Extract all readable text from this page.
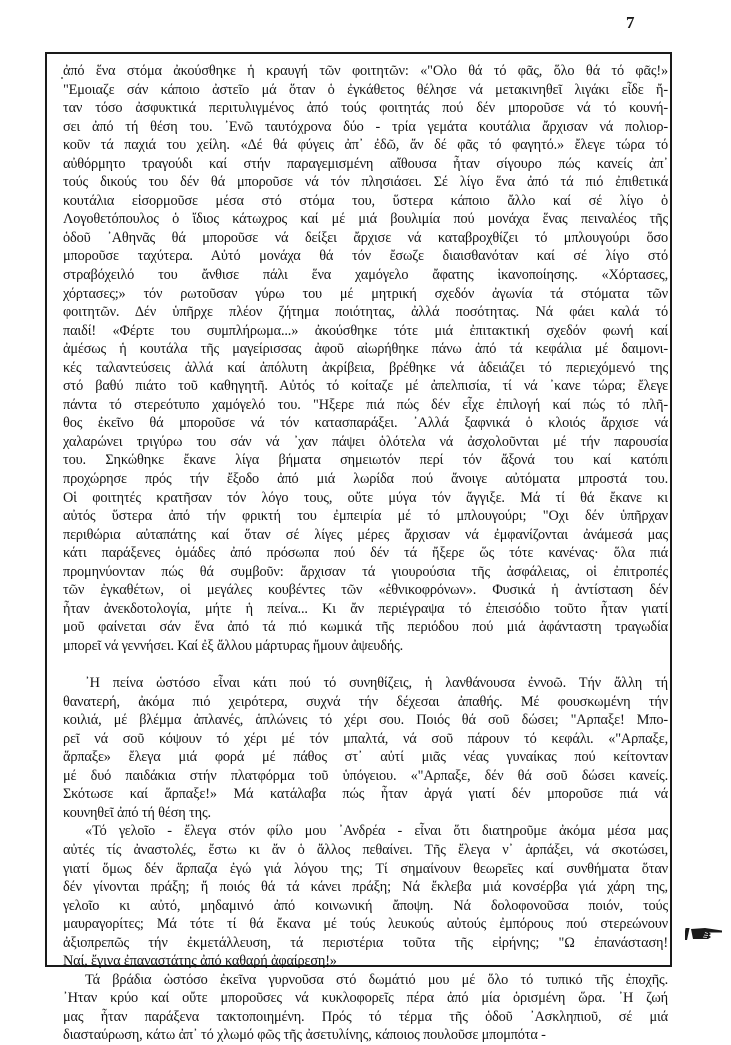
7
ἀπό ἕνα στόμα ἀκούσθηκε ἡ κραυγή τῶν φοιτητῶν: «"Ολο θά τό φᾶς, ὅλο θά τό φᾶς!»
"Εμοιαζε σάν κάποιο ἀστεῖο μά ὅταν ὁ ἐγκάθετος θέλησε νά μετακινηθεῖ λιγάκι εἶδε ἤ-
ταν τόσο ἀσφυκτικά περιτυλιγμένος ἀπό τούς φοιτητάς πού δέν μποροῦσε νά τό κουνή-
σει ἀπό τή θέση του. ᾿Ενῶ ταυτόχρονα δύο - τρία γεμάτα κουτάλια ἄρχισαν νά πολιορ-
κοῦν τά παχιά του χείλη. «Δέ θά φύγεις ἀπ᾿ ἐδῶ, ἄν δέ φᾶς τό φαγητό.» ἔλεγε τώρα τό
αὐθόρμητο τραγούδι καί στήν παραγεμισμένη αἴθουσα ἦταν σίγουρο πώς κανείς ἀπ᾿
τούς δικούς του δέν θά μποροῦσε νά τόν πλησιάσει. Σέ λίγο ἕνα ἀπό τά πιό ἐπιθετικά
κουτάλια εἰσορμοῦσε μέσα στό στόμα του, ὕστερα κάποιο ἄλλο καί σέ λίγο ὁ
Λογοθετόπουλος ὁ ἴδιος κάτωχρος καί μέ μιά βουλιμία πού μονάχα ἕνας πειναλέος τῆς
ὁδοῦ ᾿Αθηνᾶς θά μποροῦσε νά δείξει ἄρχισε νά καταβροχθίζει τό μπλουγούρι ὅσο
μποροῦσε ταχύτερα. Αὐτό μονάχα θά τόν ἔσωζε διαισθανόταν καί σέ λίγο στό
στραβόχειλό του ἄνθισε πάλι ἕνα χαμόγελο ἄφατης ἱκανοποίησης. «Χόρτασες,
χόρτασες;» τόν ρωτοῦσαν γύρω του μέ μητρική σχεδόν ἀγωνία τά στόματα τῶν
φοιτητῶν. Δέν ὑπῆρχε πλέον ζήτημα ποιότητας, ἀλλά ποσότητας. Νά φάει καλά τό
παιδί! «Φέρτε του συμπλήρωμα...» ἀκούσθηκε τότε μιά ἐπιτακτική σχεδόν φωνή καί
ἀμέσως ἡ κουτάλα τῆς μαγείρισσας ἀφοῦ αἰωρήθηκε πάνω ἀπό τά κεφάλια μέ δαιμονι-
κές ταλαντεύσεις ἀλλά καί ἀπόλυτη ἀκρίβεια, βρέθηκε νά ἀδειάζει τό περιεχόμενό της
στό βαθύ πιάτο τοῦ καθηγητῆ. Αὐτός τό κοίταζε μέ ἀπελπισία, τί νά ᾿κανε τώρα; ἔλεγε
πάντα τό στερεότυπο χαμόγελό του. "Ηξερε πιά πώς δέν εἶχε ἐπιλογή καί πώς τό πλῆ-
θος ἐκεῖνο θά μποροῦσε νά τόν κατασπαράξει. ᾿Αλλά ξαφνικά ὁ κλοιός ἄρχισε νά
χαλαρώνει τριγύρω του σάν νά ᾿χαν πάψει ὁλότελα νά ἀσχολοῦνται μέ τήν παρουσία
του. Σηκώθηκε ἔκανε λίγα βήματα σημειωτόν περί τόν ἄξονά του καί κατόπι
προχώρησε πρός τήν ἔξοδο ἀπό μιά λωρίδα πού ἄνοιγε αὐτόματα μπροστά του.
Οἱ φοιτητές κρατῆσαν τόν λόγο τους, οὔτε μύγα τόν ἄγγιξε. Μά τί θά ἔκανε κι
αὐτός ὕστερα ἀπό τήν φρικτή του ἐμπειρία μέ τό μπλουγούρι; "Οχι δέν ὑπῆρχαν
περιθώρια αὐταπάτης καί ὅταν σέ λίγες μέρες ἄρχισαν νά ἐμφανίζονται ἀνάμεσά μας
κάτι παράξενες ὁμάδες ἀπό πρόσωπα πού δέν τά ἤξερε ὥς τότε κανένας· ὅλα πιά
προμηνύονταν πώς θά συμβοῦν: ἄρχισαν τά γιουρούσια τῆς ἀσφάλειας, οἱ ἐπιτροπές
τῶν ἐγκαθέτων, οἱ μεγάλες κουβέντες τῶν «ἐθνικοφρόνων». Φυσικά ἡ ἀντίσταση δέν
ἦταν ἀνεκδοτολογία, μήτε ἡ πείνα... Κι ἄν περιέγραψα τό ἐπεισόδιο τοῦτο ἦταν γιατί
μοῦ φαίνεται σάν ἕνα ἀπό τά πιό κωμικά τῆς περιόδου πού μιά ἀφάνταστη τραγωδία
μπορεῖ νά γεννήσει. Καί ἐξ ἄλλου μάρτυρας ἤμουν ἀψευδής.
᾿Η πείνα ὡστόσο εἶναι κάτι πού τό συνηθίζεις, ἡ λανθάνουσα ἐννοῶ. Τήν ἄλλη τή
θανατερή, ἀκόμα πιό χειρότερα, συχνά τήν δέχεσαι ἀπαθής. Μέ φουσκωμένη τήν
κοιλιά, μέ βλέμμα ἀπλανές, ἁπλώνεις τό χέρι σου. Ποιός θά σοῦ δώσει; "Αρπαξε! Μπο-
ρεῖ νά σοῦ κόψουν τό χέρι μέ τόν μπαλτά, νά σοῦ πάρουν τό κεφάλι. «"Αρπαξε,
ἅρπαξε» ἔλεγα μιά φορά μέ πάθος στ᾿ αὐτί μιᾶς νέας γυναίκας πού κείτονταν
μέ δυό παιδάκια στήν πλατφόρμα τοῦ ὑπόγειου. «"Αρπαξε, δέν θά σοῦ δώσει κανείς.
Σκότωσε καί ἅρπαξε!» Μά κατάλαβα πώς ἦταν ἀργά γιατί δέν μποροῦσε πιά νά
κουνηθεῖ ἀπό τή θέση της.
«Τό γελοῖο - ἔλεγα στόν φίλο μου ᾿Ανδρέα - εἶναι ὅτι διατηροῦμε ἀκόμα μέσα μας
αὐτές τίς ἀναστολές, ἔστω κι ἄν ὁ ἄλλος πεθαίνει. Τῆς ἔλεγα ν᾿ ἁρπάξει, νά σκοτώσει,
γιατί ὅμως δέν ἅρπαζα ἐγώ γιά λόγου της; Τί σημαίνουν θεωρεῖες καί συνθήματα ὅταν
δέν γίνονται πράξη; ἤ ποιός θά τά κάνει πράξη; Νά ἔκλεβα μιά κονσέρβα γιά χάρη της,
γελοῖο κι αὐτό, μηδαμινό ἀπό κοινωνική ἄποψη. Νά δολοφονοῦσα ποιόν, τούς
μαυραγορίτες; Μά τότε τί θά ἔκανα μέ τούς λευκούς αὐτούς ἐμπόρους πού στερεώνουν
ἀξιοπρεπῶς τήν ἐκμετάλλευση, τά περιστέρια τοῦτα τῆς εἰρήνης; "Ω ἐπανάσταση!
Ναί, ἔγινα ἐπαναστάτης ἀπό καθαρή ἀφαίρεση!»
Τά βράδια ὡστόσο ἐκεῖνα γυρνοῦσα στό δωμάτιό μου μέ ὅλο τό τυπικό τῆς ἐποχῆς.
᾿Ηταν κρύο καί οὔτε μποροῦσες νά κυκλοφορεῖς πέρα ἀπό μία ὁρισμένη ὥρα. ᾿Η ζωή
μας ἦταν παράξενα τακτοποιημένη. Πρός τό τέρμα τῆς ὁδοῦ ᾿Ασκληπιοῦ, σέ μιά
διασταύρωση, κάτω ἀπ᾿ τό χλωμό φῶς τῆς ἀσετυλίνης, κάποιος πουλοῦσε μπομπότα -
